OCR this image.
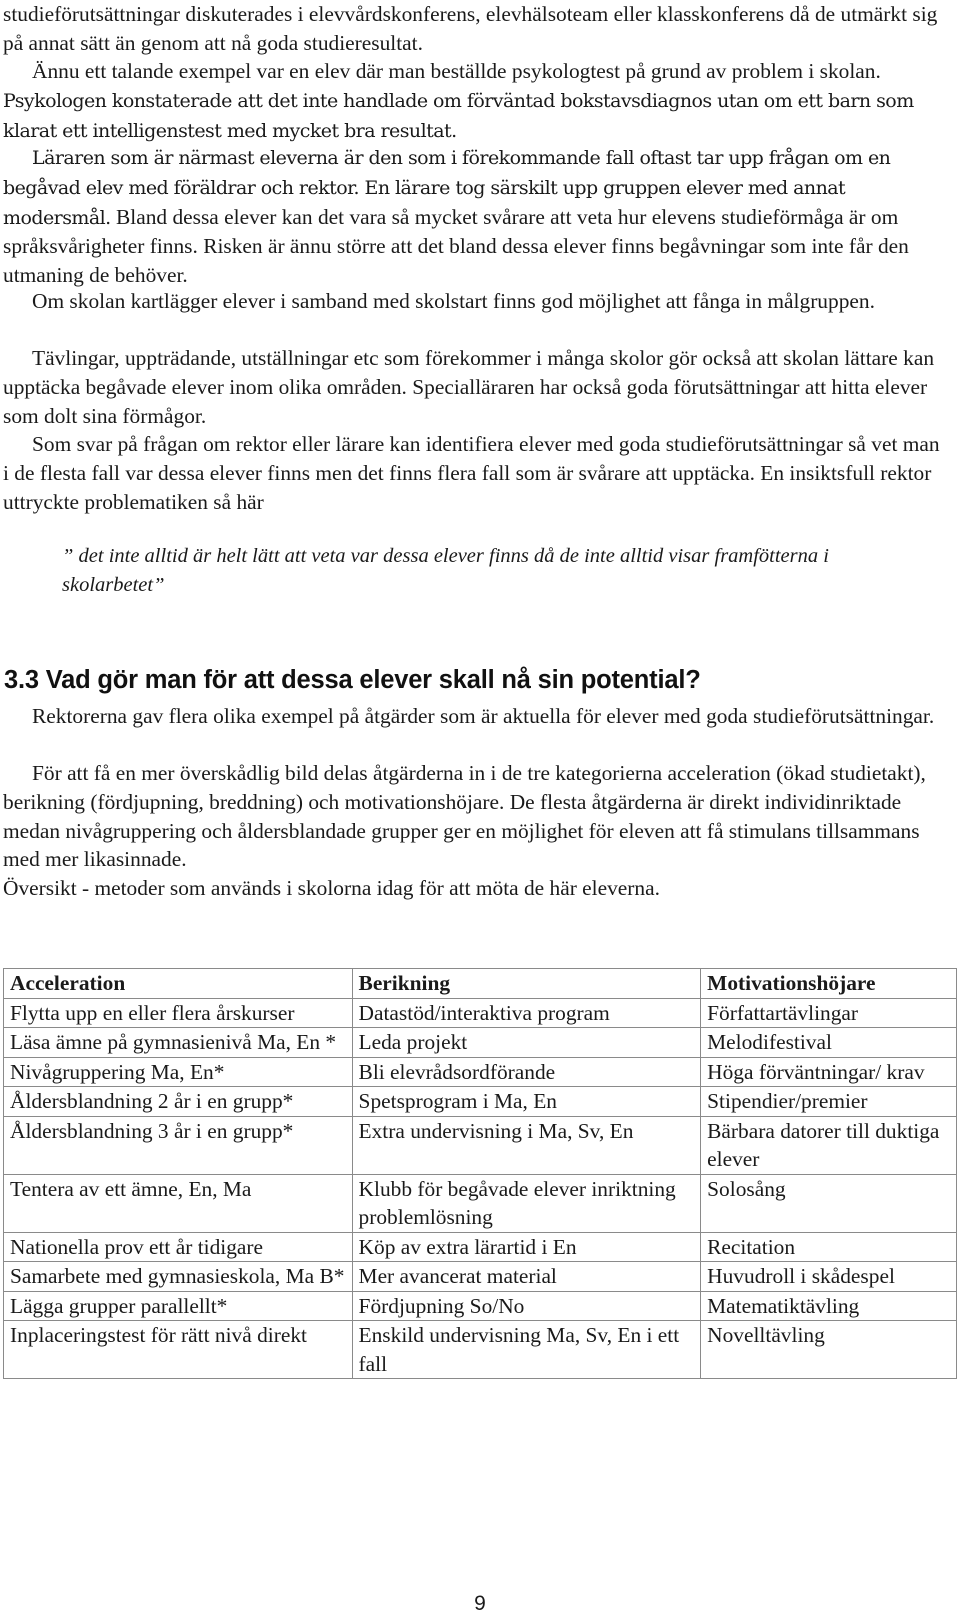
studieförutsättningar diskuterades i elevvårdskonferens, elevhälsoteam eller klasskonferens då de utmärkt sig på annat sätt än genom att nå goda studieresultat.

Ännu ett talande exempel var en elev där man beställde psykologtest på grund av problem i skolan. Psykologen konstaterade att det inte handlade om förväntad bokstavsdiagnos utan om ett barn som klarat ett intelligenstest med mycket bra resultat.

Läraren som är närmast eleverna är den som i förekommande fall oftast tar upp frågan om en begåvad elev med föräldrar och rektor. En lärare tog särskilt upp gruppen elever med annat modersmål. Bland dessa elever kan det vara så mycket svårare att veta hur elevens studieförmåga är om språksvårigheter finns. Risken är ännu större att det bland dessa elever finns begåvningar som inte får den utmaning de behöver.

Om skolan kartlägger elever i samband med skolstart finns god möjlighet att fånga in målgruppen.

Tävlingar, uppträdande, utställningar etc som förekommer i många skolor gör också att skolan lättare kan upptäcka begåvade elever inom olika områden. Specialläraren har också goda förutsättningar att hitta elever som dolt sina förmågor.

Som svar på frågan om rektor eller lärare kan identifiera elever med goda studieförutsättningar så vet man i de flesta fall var dessa elever finns men det finns flera fall som är svårare att upptäcka. En insiktsfull rektor uttryckte problematiken så här

” det inte alltid är helt lätt att veta var dessa elever finns då de inte alltid visar framfötterna i skolarbetet”

3.3 Vad gör man för att dessa elever skall nå sin potential?

Rektorerna gav flera olika exempel på åtgärder som är aktuella för elever med goda studieförutsättningar.

För att få en mer överskådlig bild delas åtgärderna in i de tre kategorierna acceleration (ökad studietakt), berikning (fördjupning, breddning) och motivationshöjare. De flesta åtgärderna är direkt individinriktade medan nivågruppering och åldersblandade grupper ger en möjlighet för eleven att få stimulans tillsammans med mer likasinnade.

Översikt - metoder som används i skolorna idag för att möta de här eleverna.

Acceleration	Berikning	Motivationshöjare
Flytta upp en eller flera årskurser	Datastöd/interaktiva program	Författartävlingar
Läsa ämne på gymnasienivå Ma, En *	Leda projekt	Melodifestival
Nivågruppering Ma, En*	Bli elevrådsordförande	Höga förväntningar/ krav
Åldersblandning 2 år i en grupp*	Spetsprogram i Ma, En	Stipendier/premier
Åldersblandning 3 år i en grupp*	Extra undervisning i Ma, Sv, En	Bärbara datorer till duktiga elever
Tentera av ett ämne, En, Ma	Klubb för begåvade elever inriktning problemlösning	Solosång
Nationella prov ett år tidigare	Köp av extra lärartid i En	Recitation
Samarbete med gymnasieskola, Ma B*	Mer avancerat material	Huvudroll i skådespel
Lägga grupper parallellt*	Fördjupning So/No	Matematiktävling
Inplaceringstest för rätt nivå direkt	Enskild undervisning Ma, Sv, En i ett fall	Novelltävling

9
